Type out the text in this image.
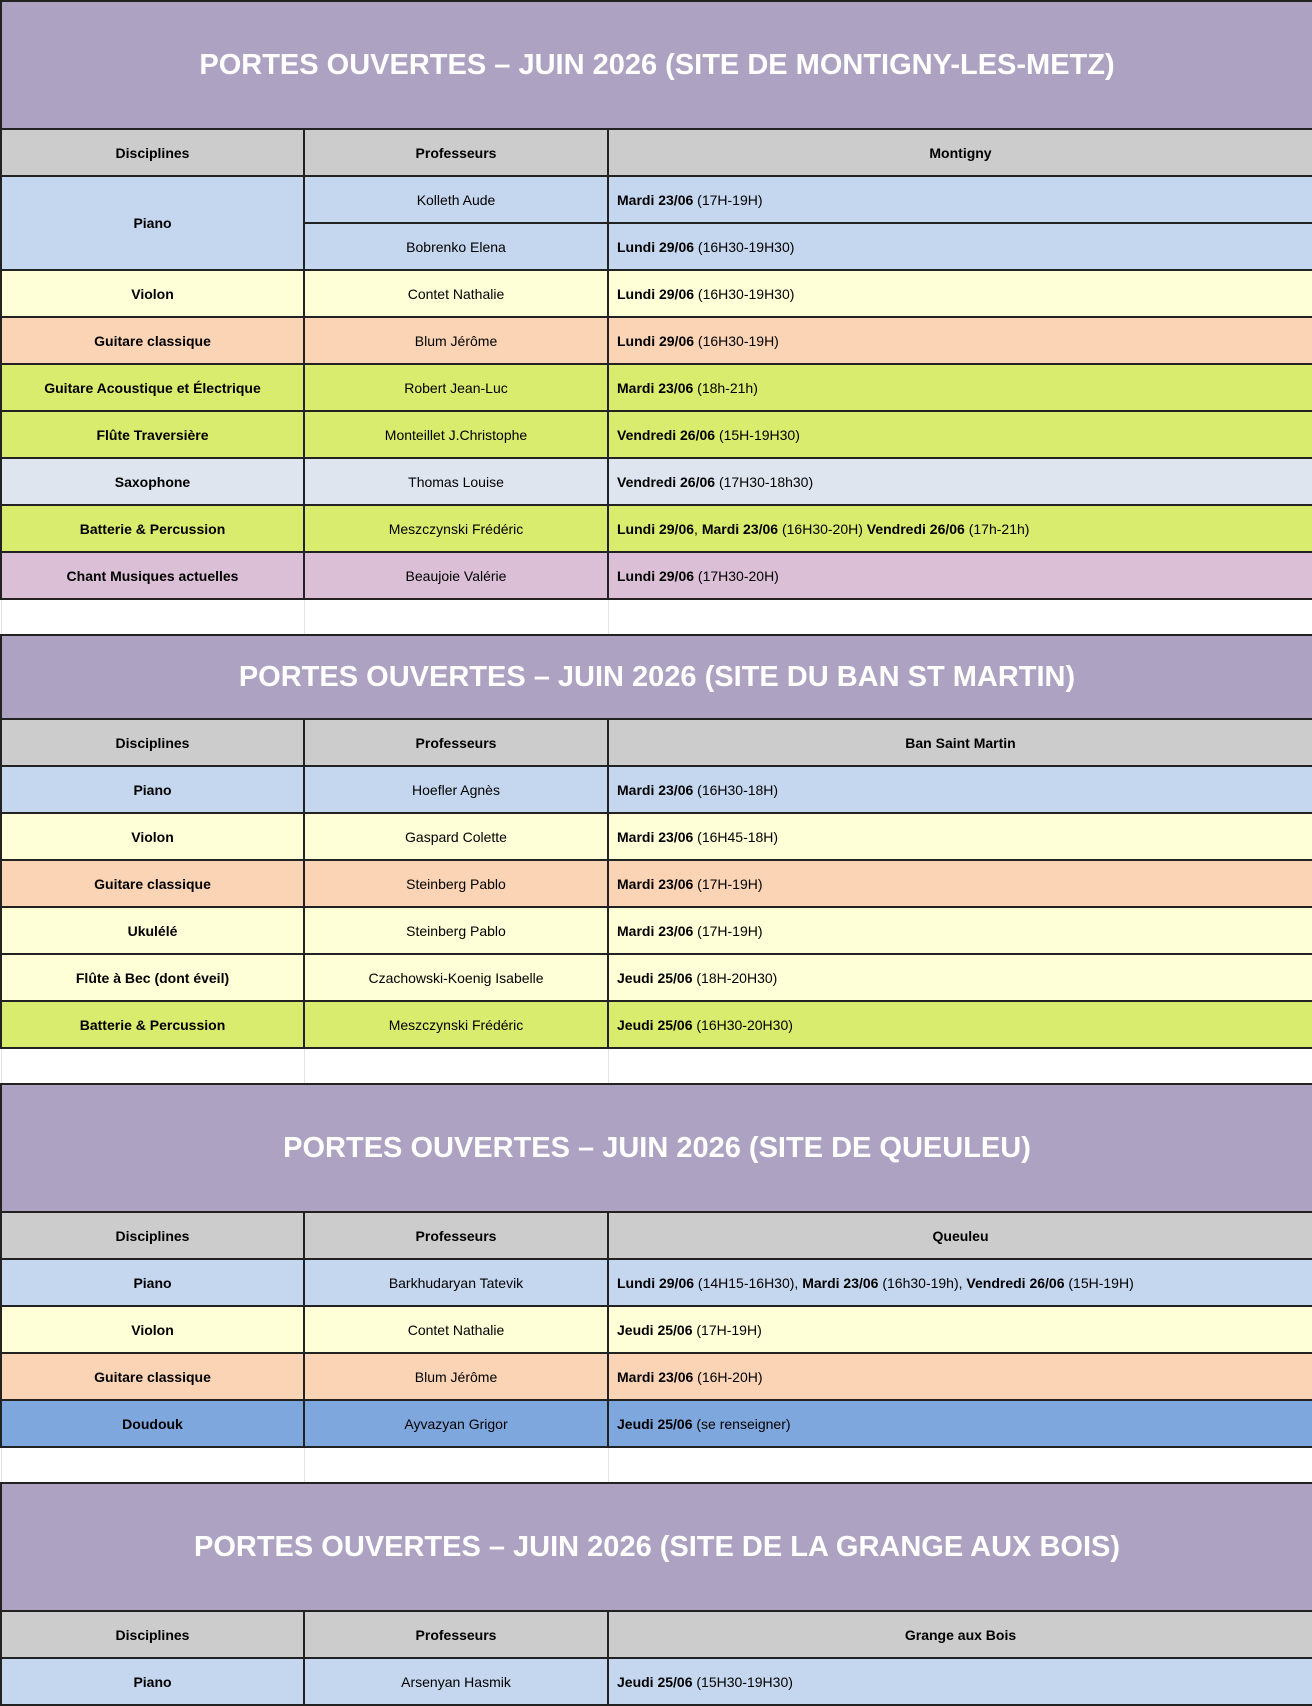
PORTES OUVERTES – JUIN 2026 (SITE DE MONTIGNY-LES-METZ)		
Disciplines	Professeurs	Montigny
Piano	Kolleth Aude	Mardi 23/06 (17H-19H)
	Bobrenko Elena	Lundi 29/06 (16H30-19H30)
Violon	Contet Nathalie	Lundi 29/06 (16H30-19H30)
Guitare classique	Blum Jérôme	Lundi 29/06 (16H30-19H)
Guitare Acoustique et Électrique	Robert Jean-Luc	Mardi 23/06 (18h-21h)
Flûte Traversière	Monteillet J.Christophe	Vendredi 26/06 (15H-19H30)
Saxophone	Thomas Louise	Vendredi 26/06 (17H30-18h30)
Batterie & Percussion	Meszczynski Frédéric	Lundi 29/06, Mardi 23/06 (16H30-20H) Vendredi 26/06 (17h-21h)
Chant Musiques actuelles	Beaujoie Valérie	Lundi 29/06 (17H30-20H)

PORTES OUVERTES – JUIN 2026 (SITE DU BAN ST MARTIN)		
Disciplines	Professeurs	Ban Saint Martin
Piano	Hoefler Agnès	Mardi 23/06 (16H30-18H)
Violon	Gaspard Colette	Mardi 23/06 (16H45-18H)
Guitare classique	Steinberg Pablo	Mardi 23/06 (17H-19H)
Ukulélé	Steinberg Pablo	Mardi 23/06 (17H-19H)
Flûte à Bec (dont éveil)	Czachowski-Koenig Isabelle	Jeudi 25/06 (18H-20H30)
Batterie & Percussion	Meszczynski Frédéric	Jeudi 25/06 (16H30-20H30)

PORTES OUVERTES – JUIN 2026 (SITE DE QUEULEU)		
Disciplines	Professeurs	Queuleu
Piano	Barkhudaryan Tatevik	Lundi 29/06 (14H15-16H30), Mardi 23/06 (16h30-19h), Vendredi 26/06 (15H-19H)
Violon	Contet Nathalie	Jeudi 25/06 (17H-19H)
Guitare classique	Blum Jérôme	Mardi 23/06 (16H-20H)
Doudouk	Ayvazyan Grigor	Jeudi 25/06 (se renseigner)

PORTES OUVERTES – JUIN 2026 (SITE DE LA GRANGE AUX BOIS)		
Disciplines	Professeurs	Grange aux Bois
Piano	Arsenyan Hasmik	Jeudi 25/06 (15H30-19H30)
